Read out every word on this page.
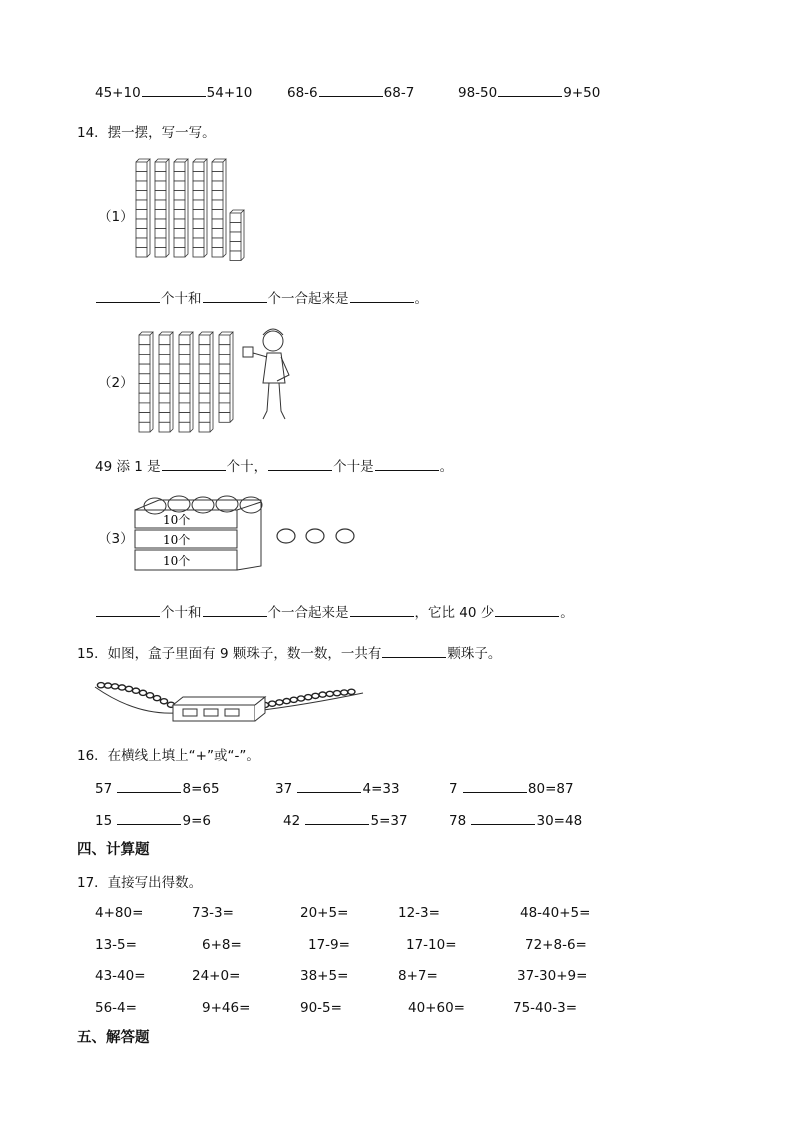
45+10	54+10	68-6	68-7	98-50	9+50
14．摆一摆，写一写。
（1）
个十和	个一合起来是	。
（2）
49 添 1 是	个十，	个十是	。
（3）
10个
10个
10个
个十和	个一合起来是	，它比 40 少	。
15．如图，盒子里面有 9 颗珠子，数一数，一共有	颗珠子。
16．在横线上填上“+”或“-”。
57	8=65	37	4=33	7	80=87
15	9=6	42	5=37	78	30=48
四、计算题
17．直接写出得数。
4+80=	73-3=	20+5=	12-3=	48-40+5=
13-5=	6+8=	17-9=	17-10=	72+8-6=
43-40=	24+0=	38+5=	8+7=	37-30+9=
56-4=	9+46=	90-5=	40+60=	75-40-3=
五、解答题
